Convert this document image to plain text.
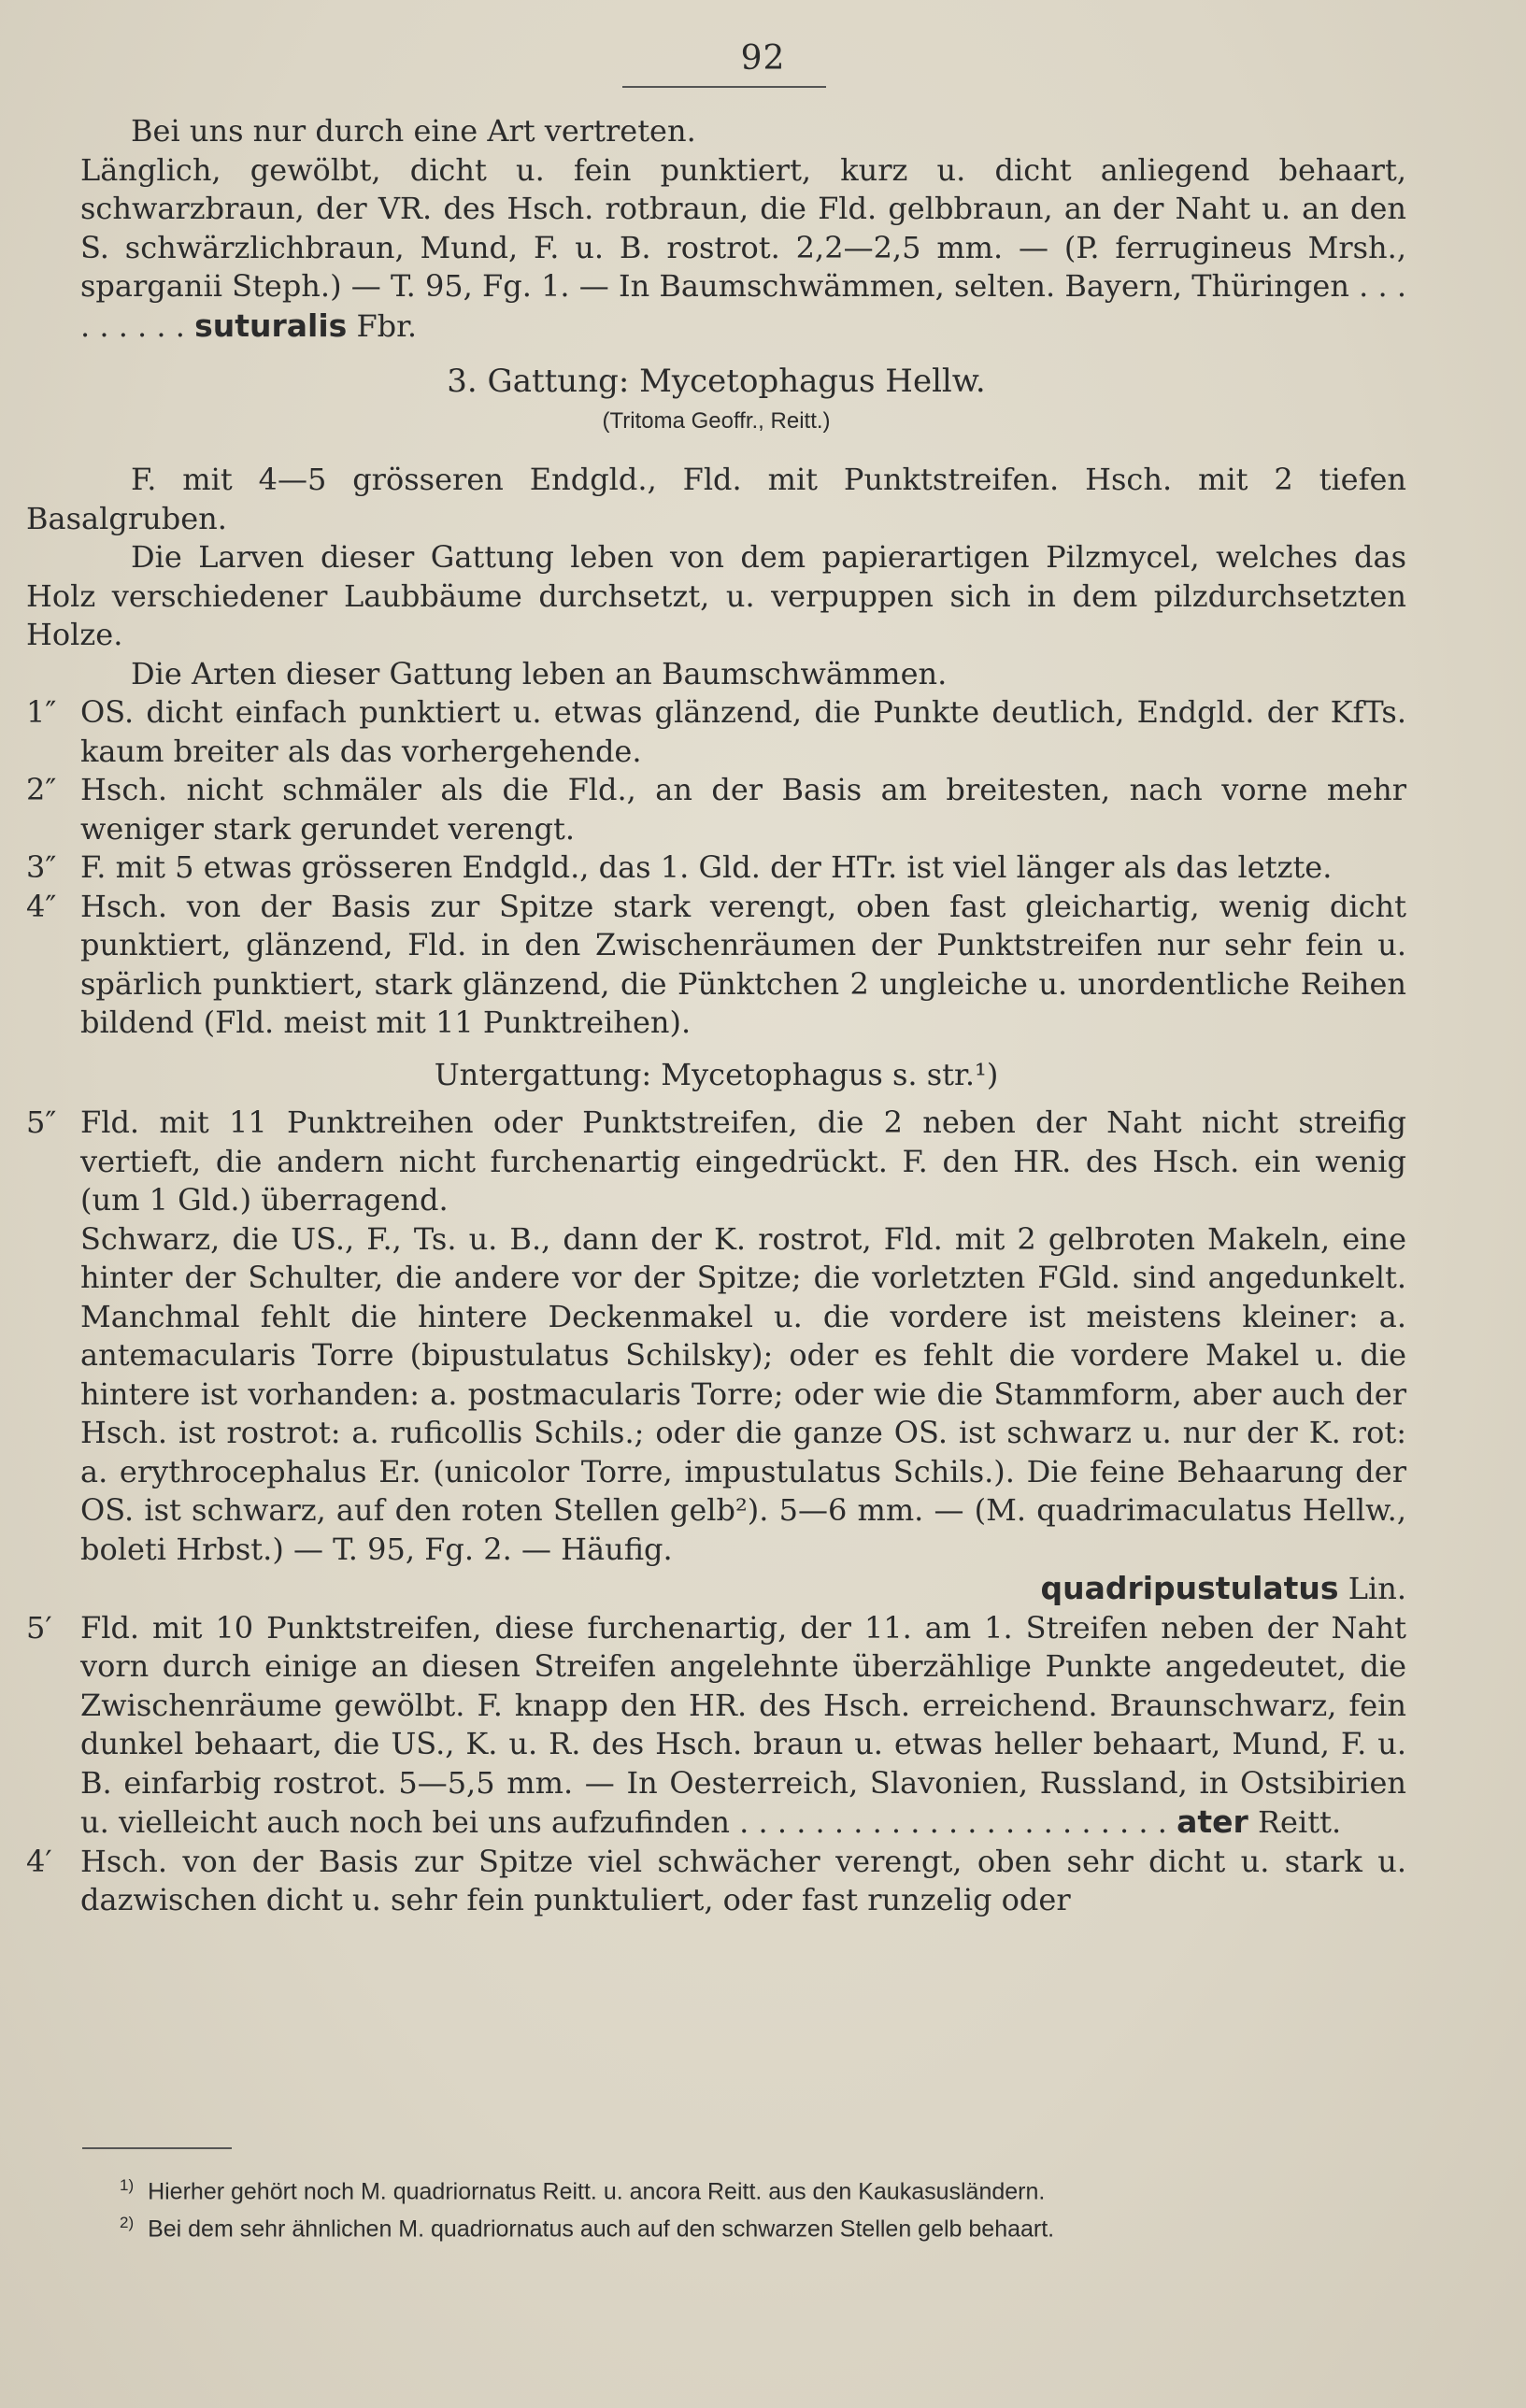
92

Bei uns nur durch eine Art vertreten.

Länglich, gewölbt, dicht u. fein punktiert, kurz u. dicht anliegend behaart, schwarzbraun, der VR. des Hsch. rotbraun, die Fld. gelbbraun, an der Naht u. an den S. schwärzlichbraun, Mund, F. u. B. rostrot. 2,2—2,5 mm. — (P. ferrugineus Mrsh., sparganii Steph.) — T. 95, Fg. 1. — In Baumschwämmen, selten. Bayern, Thüringen . . . . . . . . . suturalis Fbr.

3. Gattung: Mycetophagus Hellw.

(Tritoma Geoffr., Reitt.)

F. mit 4—5 grösseren Endgld., Fld. mit Punktstreifen. Hsch. mit 2 tiefen Basalgruben.

Die Larven dieser Gattung leben von dem papierartigen Pilzmycel, welches das Holz verschiedener Laubbäume durchsetzt, u. verpuppen sich in dem pilzdurchsetzten Holze.

Die Arten dieser Gattung leben an Baumschwämmen.

1″ OS. dicht einfach punktiert u. etwas glänzend, die Punkte deutlich, Endgld. der KfTs. kaum breiter als das vorhergehende.
2″ Hsch. nicht schmäler als die Fld., an der Basis am breitesten, nach vorne mehr weniger stark gerundet verengt.
3″ F. mit 5 etwas grösseren Endgld., das 1. Gld. der HTr. ist viel länger als das letzte.
4″ Hsch. von der Basis zur Spitze stark verengt, oben fast gleichartig, wenig dicht punktiert, glänzend, Fld. in den Zwischenräumen der Punktstreifen nur sehr fein u. spärlich punktiert, stark glänzend, die Pünktchen 2 ungleiche u. unordentliche Reihen bildend (Fld. meist mit 11 Punktreihen).

Untergattung: Mycetophagus s. str.¹)

5″ Fld. mit 11 Punktreihen oder Punktstreifen, die 2 neben der Naht nicht streifig vertieft, die andern nicht furchenartig eingedrückt. F. den HR. des Hsch. ein wenig (um 1 Gld.) überragend.

Schwarz, die US., F., Ts. u. B., dann der K. rostrot, Fld. mit 2 gelbroten Makeln, eine hinter der Schulter, die andere vor der Spitze; die vorletzten FGld. sind angedunkelt. Manchmal fehlt die hintere Deckenmakel u. die vordere ist meistens kleiner: a. antemacularis Torre (bipustulatus Schilsky); oder es fehlt die vordere Makel u. die hintere ist vorhanden: a. postmacularis Torre; oder wie die Stammform, aber auch der Hsch. ist rostrot: a. ruficollis Schils.; oder die ganze OS. ist schwarz u. nur der K. rot: a. erythrocephalus Er. (unicolor Torre, impustulatus Schils.). Die feine Behaarung der OS. ist schwarz, auf den roten Stellen gelb²). 5—6 mm. — (M. quadrimaculatus Hellw., boleti Hrbst.) — T. 95, Fg. 2. — Häufig.

quadripustulatus Lin.

5′ Fld. mit 10 Punktstreifen, diese furchenartig, der 11. am 1. Streifen neben der Naht vorn durch einige an diesen Streifen angelehnte überzählige Punkte angedeutet, die Zwischenräume gewölbt. F. knapp den HR. des Hsch. erreichend. Braunschwarz, fein dunkel behaart, die US., K. u. R. des Hsch. braun u. etwas heller behaart, Mund, F. u. B. einfarbig rostrot. 5—5,5 mm. — In Oesterreich, Slavonien, Russland, in Ostsibirien u. vielleicht auch noch bei uns aufzufinden . . . . . . . . . . . . . . . . . . . . . . . ater Reitt.
4′ Hsch. von der Basis zur Spitze viel schwächer verengt, oben sehr dicht u. stark u. dazwischen dicht u. sehr fein punktuliert, oder fast runzelig oder

$^{1)}$ Hierher gehört noch M. quadriornatus Reitt. u. ancora Reitt. aus den Kaukasusländern.

$^{2)}$ Bei dem sehr ähnlichen M. quadriornatus auch auf den schwarzen Stellen gelb behaart.
